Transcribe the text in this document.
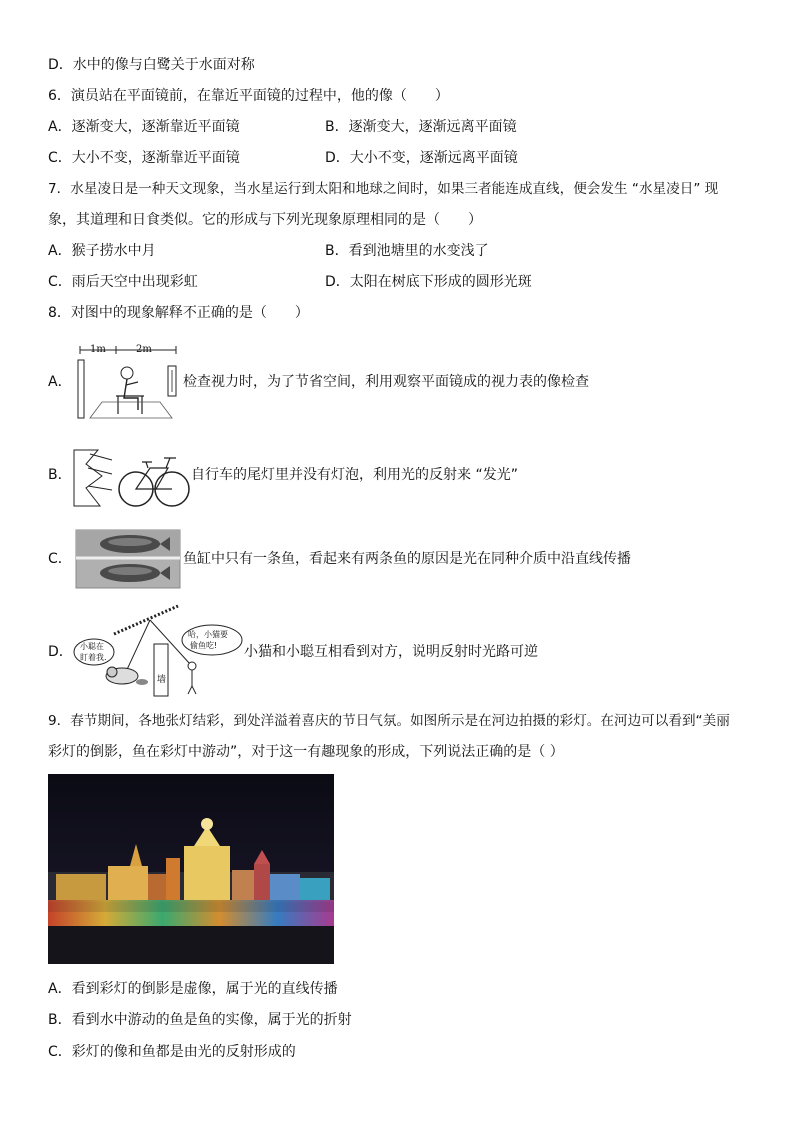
D．水中的像与白鹭关于水面对称
6．演员站在平面镜前，在靠近平面镜的过程中，他的像（　　）
A．逐渐变大，逐渐靠近平面镜	B．逐渐变大，逐渐远离平面镜
C．大小不变，逐渐靠近平面镜	D．大小不变，逐渐远离平面镜
7．水星凌日是一种天文现象，当水星运行到太阳和地球之间时，如果三者能连成直线，便会发生 “水星凌日” 现
象，其道理和日食类似。它的形成与下列光现象原理相同的是（　　）
A．猴子捞水中月	B．看到池塘里的水变浅了
C．雨后天空中出现彩虹	D．太阳在树底下形成的圆形光斑
8．对图中的现象解释不正确的是（　　）
A．
1m	2m
检查视力时，为了节省空间，利用观察平面镜成的视力表的像检查
B．	自行车的尾灯里并没有灯泡，利用光的反射来 “发光”
C．	鱼缸中只有一条鱼，看起来有两条鱼的原因是光在同种介质中沿直线传播
D．
墙
小聪在
盯着我.
哈，小猫要
偷鱼吃! 小猫和小聪互相看到对方，说明反射时光路可逆
9．春节期间，各地张灯结彩，到处洋溢着喜庆的节日气氛。如图所示是在河边拍摄的彩灯。在河边可以看到“美丽
彩灯的倒影，鱼在彩灯中游动”，对于这一有趣现象的形成，下列说法正确的是（ ）
A．看到彩灯的倒影是虚像，属于光的直线传播
B．看到水中游动的鱼是鱼的实像，属于光的折射
C．彩灯的像和鱼都是由光的反射形成的
